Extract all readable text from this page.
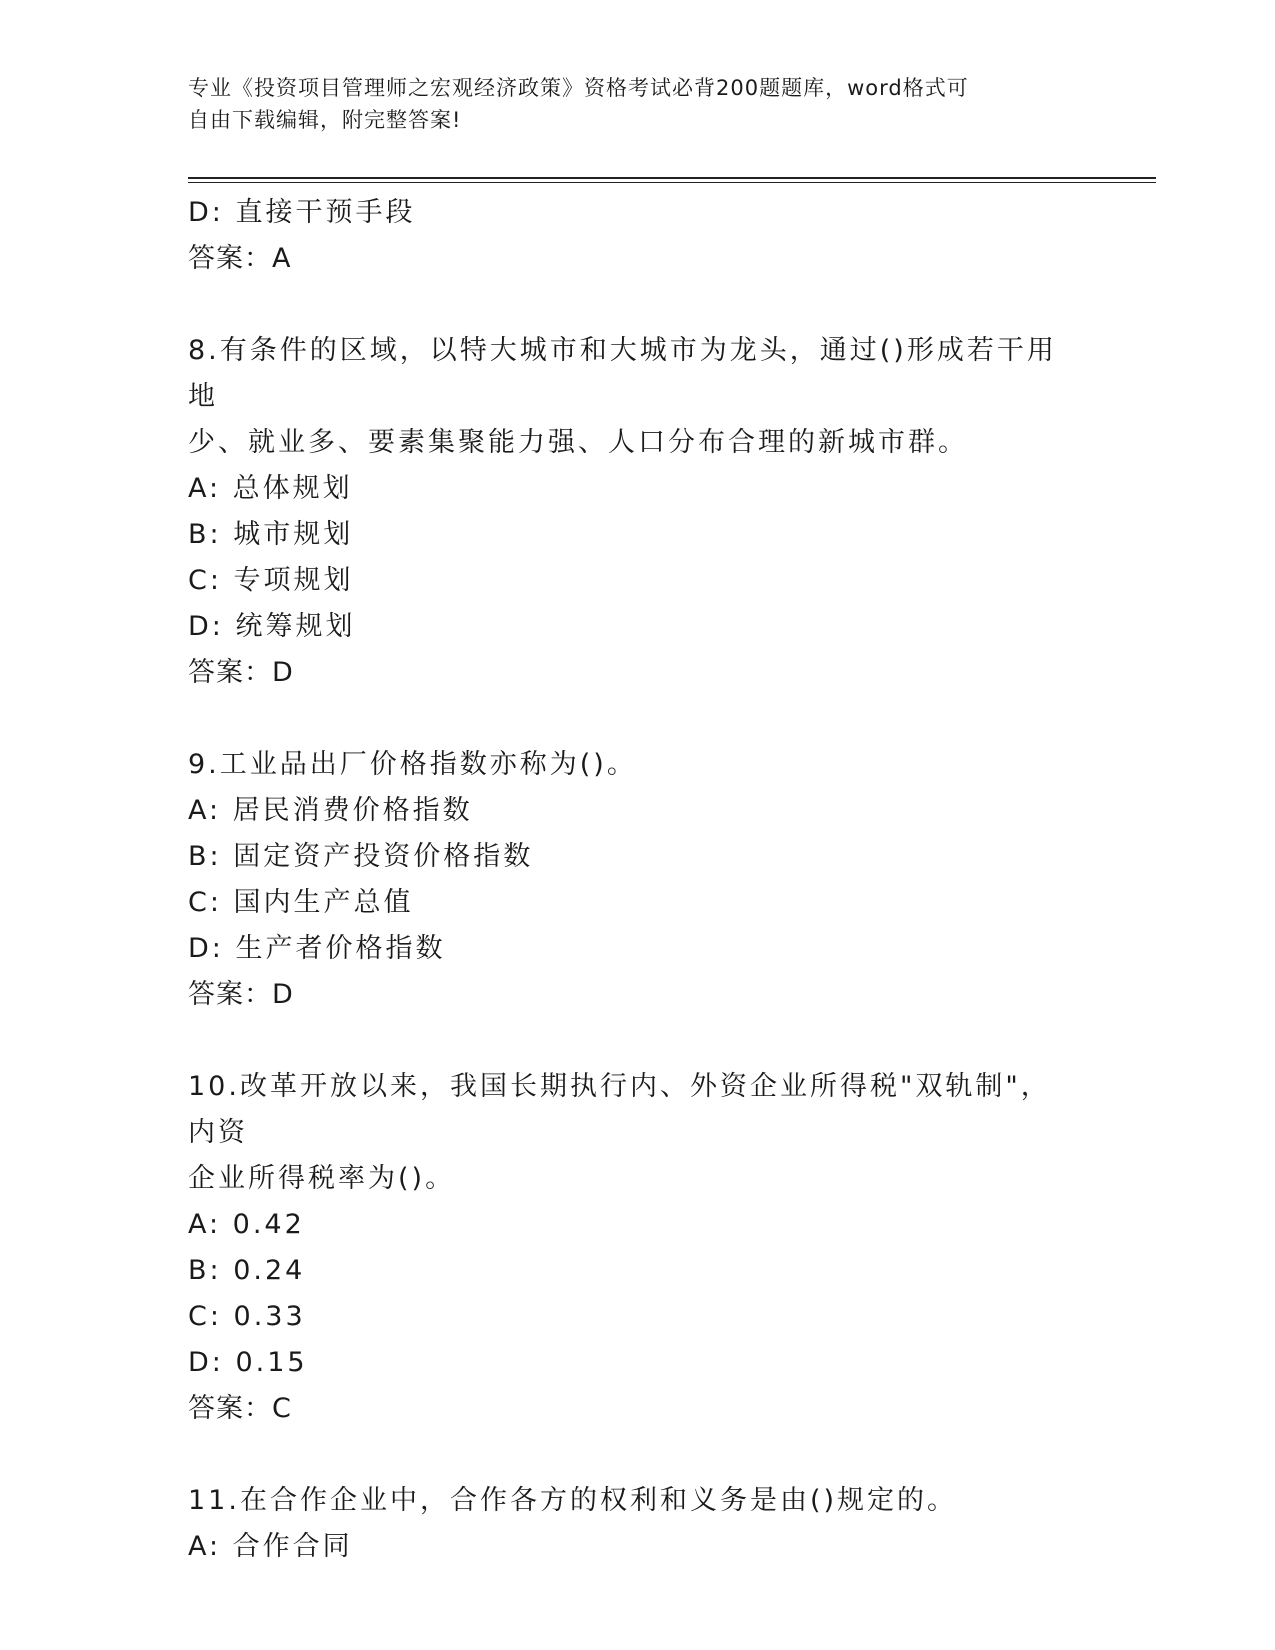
专业《投资项目管理师之宏观经济政策》资格考试必背200题题库，word格式可
自由下载编辑，附完整答案!
D: 直接干预手段
答案：A
8.有条件的区域，以特大城市和大城市为龙头，通过()形成若干用地
少、就业多、要素集聚能力强、人口分布合理的新城市群。
A: 总体规划
B: 城市规划
C: 专项规划
D: 统筹规划
答案：D
9.工业品出厂价格指数亦称为()。
A: 居民消费价格指数
B: 固定资产投资价格指数
C: 国内生产总值
D: 生产者价格指数
答案：D
10.改革开放以来，我国长期执行内、外资企业所得税"双轨制"，内资
企业所得税率为()。
A: 0.42
B: 0.24
C: 0.33
D: 0.15
答案：C
11.在合作企业中，合作各方的权利和义务是由()规定的。
A: 合作合同
